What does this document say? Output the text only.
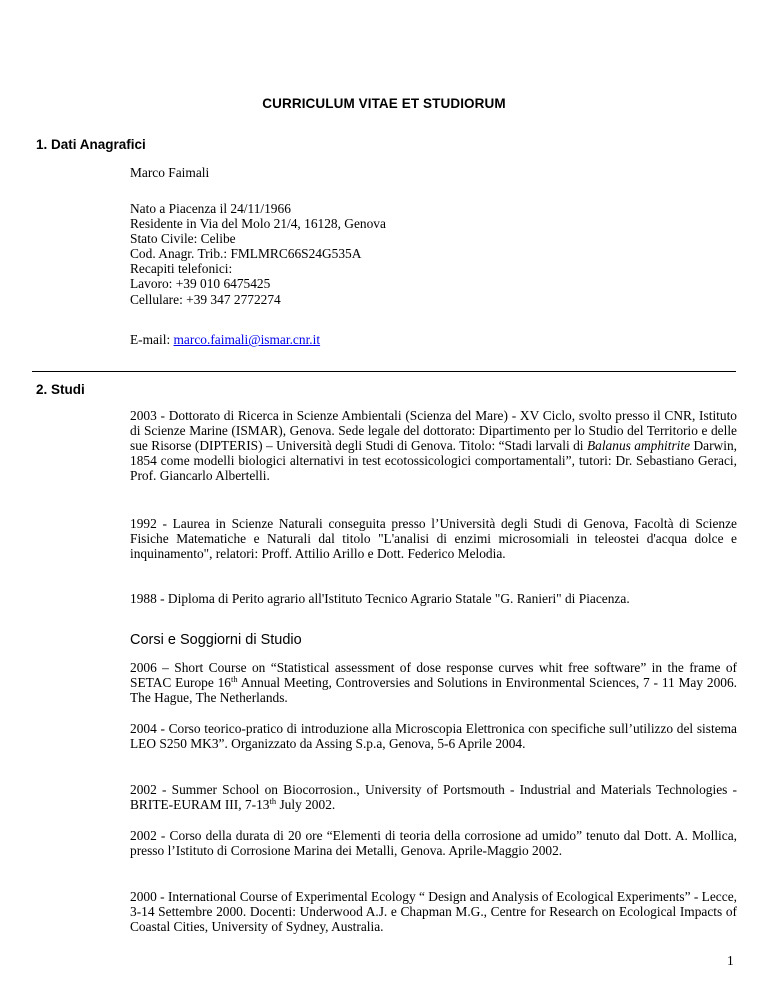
CURRICULUM VITAE ET STUDIORUM
1. Dati Anagrafici
Marco Faimali
Nato a Piacenza il 24/11/1966
Residente in Via del Molo 21/4, 16128, Genova
Stato Civile: Celibe
Cod. Anagr. Trib.: FMLMRC66S24G535A
Recapiti telefonici:
Lavoro: +39 010 6475425
Cellulare: +39 347 2772274
E-mail: marco.faimali@ismar.cnr.it
2. Studi
2003 - Dottorato di Ricerca in Scienze Ambientali (Scienza del Mare) - XV Ciclo, svolto presso il CNR, Istituto di Scienze Marine (ISMAR), Genova. Sede legale del dottorato: Dipartimento per lo Studio del Territorio e delle sue Risorse (DIPTERIS) – Università degli Studi di Genova. Titolo: “Stadi larvali di Balanus amphitrite Darwin, 1854 come modelli biologici alternativi in test ecotossicologici comportamentali”, tutori: Dr. Sebastiano Geraci, Prof. Giancarlo Albertelli.
1992 - Laurea in Scienze Naturali conseguita presso l’Università degli Studi di Genova, Facoltà di Scienze Fisiche Matematiche e Naturali dal titolo "L'analisi di enzimi microsomiali in teleostei d'acqua dolce e inquinamento", relatori: Proff. Attilio Arillo e Dott. Federico Melodia.
1988 - Diploma di Perito agrario all'Istituto Tecnico Agrario Statale "G. Ranieri" di Piacenza.
Corsi e Soggiorni di Studio
2006 – Short Course on “Statistical assessment of dose response curves whit free software” in the frame of SETAC Europe 16th Annual Meeting, Controversies and Solutions in Environmental Sciences, 7 - 11 May 2006. The Hague, The Netherlands.
2004 - Corso teorico-pratico di introduzione alla Microscopia Elettronica con specifiche sull’utilizzo del sistema LEO S250 MK3”. Organizzato da Assing S.p.a, Genova, 5-6 Aprile 2004.
2002 - Summer School on Biocorrosion., University of Portsmouth - Industrial and Materials Technologies - BRITE-EURAM III, 7-13th July 2002.
2002 - Corso della durata di 20 ore “Elementi di teoria della corrosione ad umido” tenuto dal Dott. A. Mollica, presso l’Istituto di Corrosione Marina dei Metalli, Genova. Aprile-Maggio 2002.
2000 - International Course of Experimental Ecology “ Design and Analysis of Ecological Experiments” - Lecce, 3-14 Settembre 2000. Docenti: Underwood A.J. e Chapman M.G., Centre for Research on Ecological Impacts of Coastal Cities, University of Sydney, Australia.
1
